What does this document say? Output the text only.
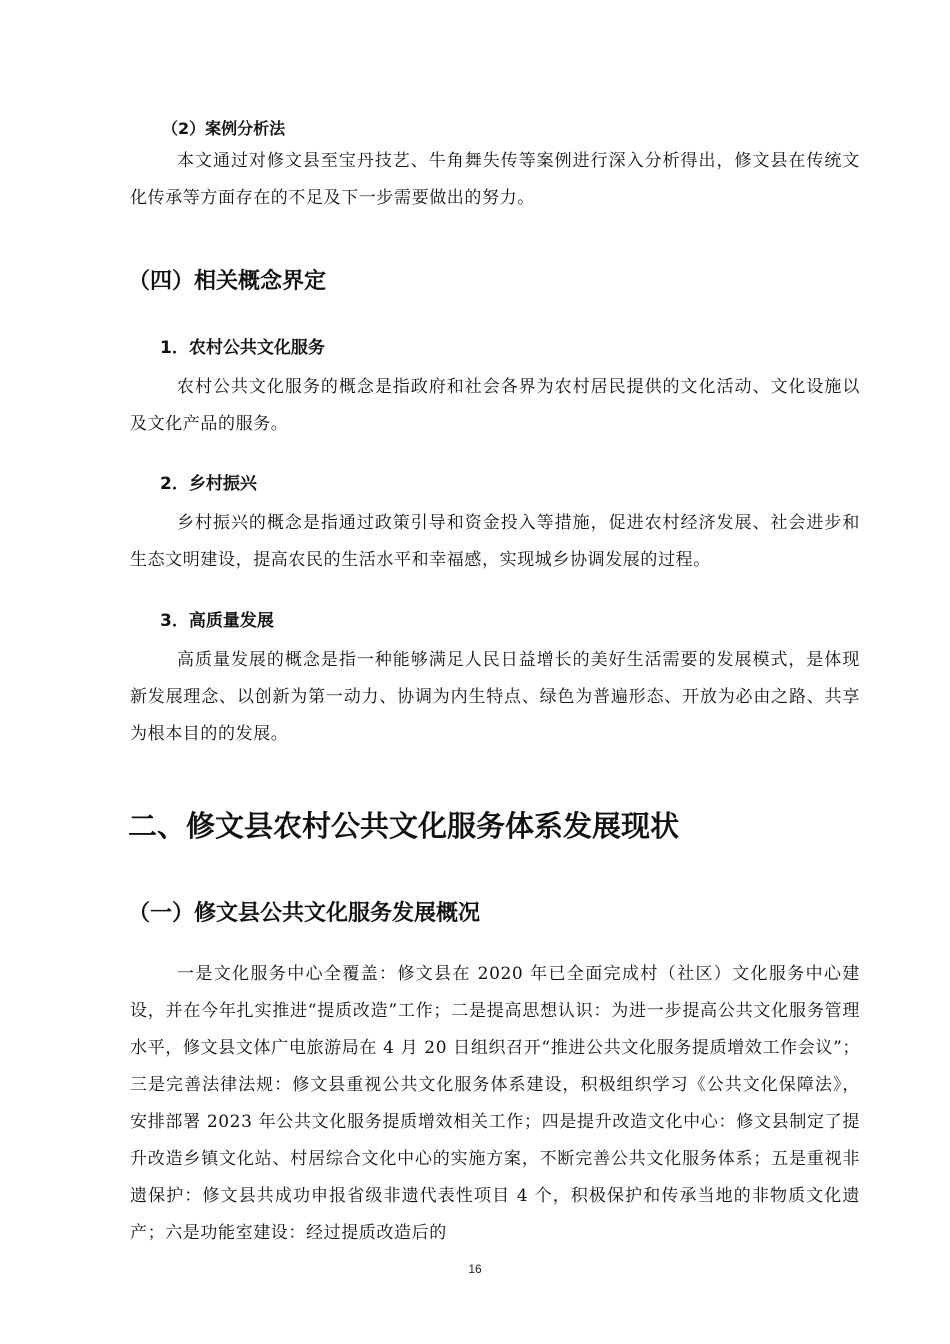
（2）案例分析法
本文通过对修文县至宝丹技艺、牛角舞失传等案例进行深入分析得出，修文县在传统文化传承等方面存在的不足及下一步需要做出的努力。
（四）相关概念界定
1．农村公共文化服务
农村公共文化服务的概念是指政府和社会各界为农村居民提供的文化活动、文化设施以及文化产品的服务。
2．乡村振兴
乡村振兴的概念是指通过政策引导和资金投入等措施，促进农村经济发展、社会进步和生态文明建设，提高农民的生活水平和幸福感，实现城乡协调发展的过程。
3．高质量发展
高质量发展的概念是指一种能够满足人民日益增长的美好生活需要的发展模式，是体现新发展理念、以创新为第一动力、协调为内生特点、绿色为普遍形态、开放为必由之路、共享为根本目的的发展。
二、修文县农村公共文化服务体系发展现状
（一）修文县公共文化服务发展概况
一是文化服务中心全覆盖：修文县在 2020 年已全面完成村（社区）文化服务中心建设，并在今年扎实推进“提质改造”工作；二是提高思想认识：为进一步提高公共文化服务管理水平，修文县文体广电旅游局在 4 月 20 日组织召开“推进公共文化服务提质增效工作会议”；三是完善法律法规：修文县重视公共文化服务体系建设，积极组织学习《公共文化保障法》，安排部署 2023 年公共文化服务提质增效相关工作；四是提升改造文化中心：修文县制定了提升改造乡镇文化站、村居综合文化中心的实施方案，不断完善公共文化服务体系；五是重视非遗保护：修文县共成功申报省级非遗代表性项目 4 个，积极保护和传承当地的非物质文化遗产；六是功能室建设：经过提质改造后的
16
